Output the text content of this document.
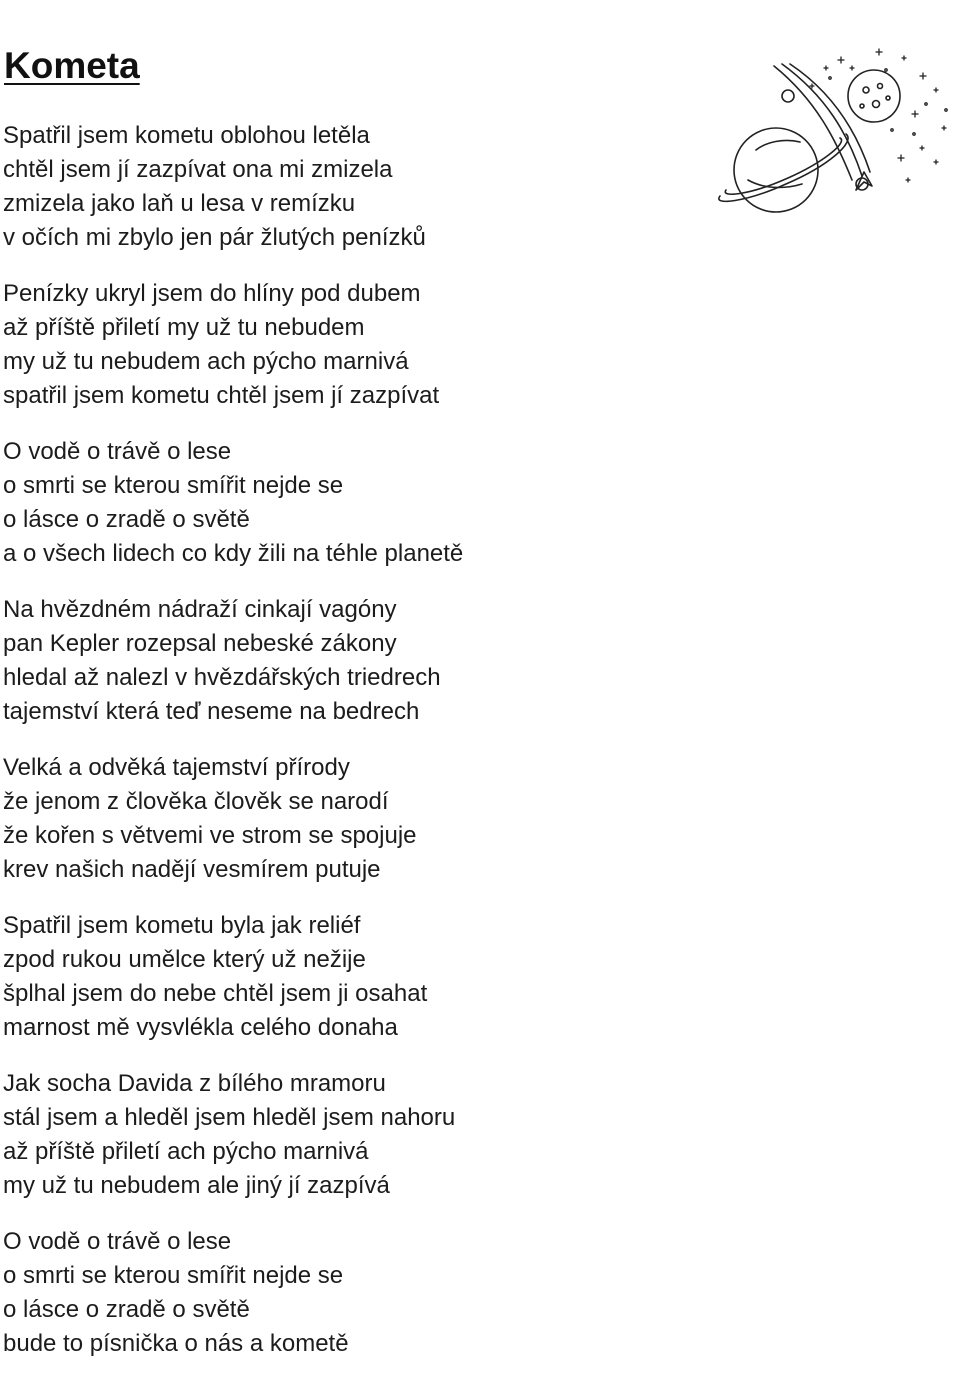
Kometa
Spatřil jsem kometu oblohou letěla
chtěl jsem jí zazpívat ona mi zmizela
zmizela jako laň u lesa v remízku
v očích mi zbylo jen pár žlutých penízků
Penízky ukryl jsem do hlíny pod dubem
až příště přiletí my už tu nebudem
my už tu nebudem ach pýcho marnivá
spatřil jsem kometu chtěl jsem jí zazpívat
O vodě o trávě o lese
o smrti se kterou smířit nejde se
o lásce o zradě o světě
a o všech lidech co kdy žili na téhle planetě
Na hvězdném nádraží cinkají vagóny
pan Kepler rozepsal nebeské zákony
hledal až nalezl v hvězdářských triedrech
tajemství která teď neseme na bedrech
Velká a odvěká tajemství přírody
že jenom z člověka člověk se narodí
že kořen s větvemi ve strom se spojuje
krev našich nadějí vesmírem putuje
Spatřil jsem kometu byla jak reliéf
zpod rukou umělce který už nežije
šplhal jsem do nebe chtěl jsem ji osahat
marnost mě vysvlékla celého donaha
Jak socha Davida z bílého mramoru
stál jsem a hleděl jsem hleděl jsem nahoru
až příště přiletí ach pýcho marnivá
my už tu nebudem ale jiný jí zazpívá
O vodě o trávě o lese
o smrti se kterou smířit nejde se
o lásce o zradě o světě
bude to písnička o nás a kometě
